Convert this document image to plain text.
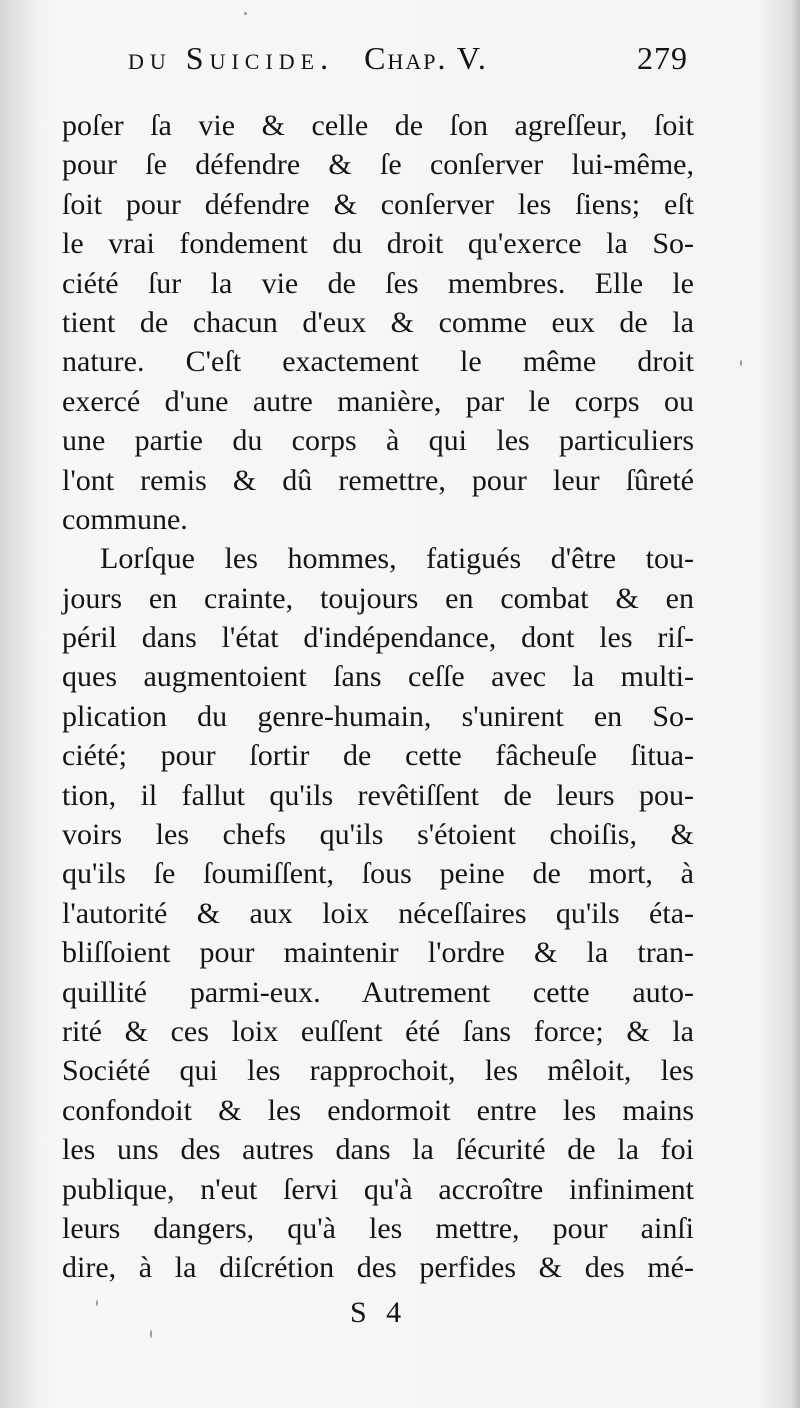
du Suicide. Chap. V.	279
poſer ſa vie & celle de ſon agreſſeur, ſoit
pour ſe défendre & ſe conſerver lui-même,
ſoit pour défendre & conſerver les ſiens; eſt
le vrai fondement du droit qu'exerce la So-
ciété ſur la vie de ſes membres. Elle le
tient de chacun d'eux & comme eux de la
nature. C'eſt exactement le même droit
exercé d'une autre manière, par le corps ou
une partie du corps à qui les particuliers
l'ont remis & dû remettre, pour leur ſûreté
commune.
Lorſque les hommes, fatigués d'être tou-
jours en crainte, toujours en combat & en
péril dans l'état d'indépendance, dont les riſ-
ques augmentoient ſans ceſſe avec la multi-
plication du genre-humain, s'unirent en So-
ciété; pour ſortir de cette fâcheuſe ſitua-
tion, il fallut qu'ils revêtiſſent de leurs pou-
voirs les chefs qu'ils s'étoient choiſis, &
qu'ils ſe ſoumiſſent, ſous peine de mort, à
l'autorité & aux loix néceſſaires qu'ils éta-
bliſſoient pour maintenir l'ordre & la tran-
quillité parmi-eux. Autrement cette auto-
rité & ces loix euſſent été ſans force; & la
Société qui les rapprochoit, les mêloit, les
confondoit & les endormoit entre les mains
les uns des autres dans la ſécurité de la foi
publique, n'eut ſervi qu'à accroître infiniment
leurs dangers, qu'à les mettre, pour ainſi
dire, à la diſcrétion des perfides & des mé-
S 4
